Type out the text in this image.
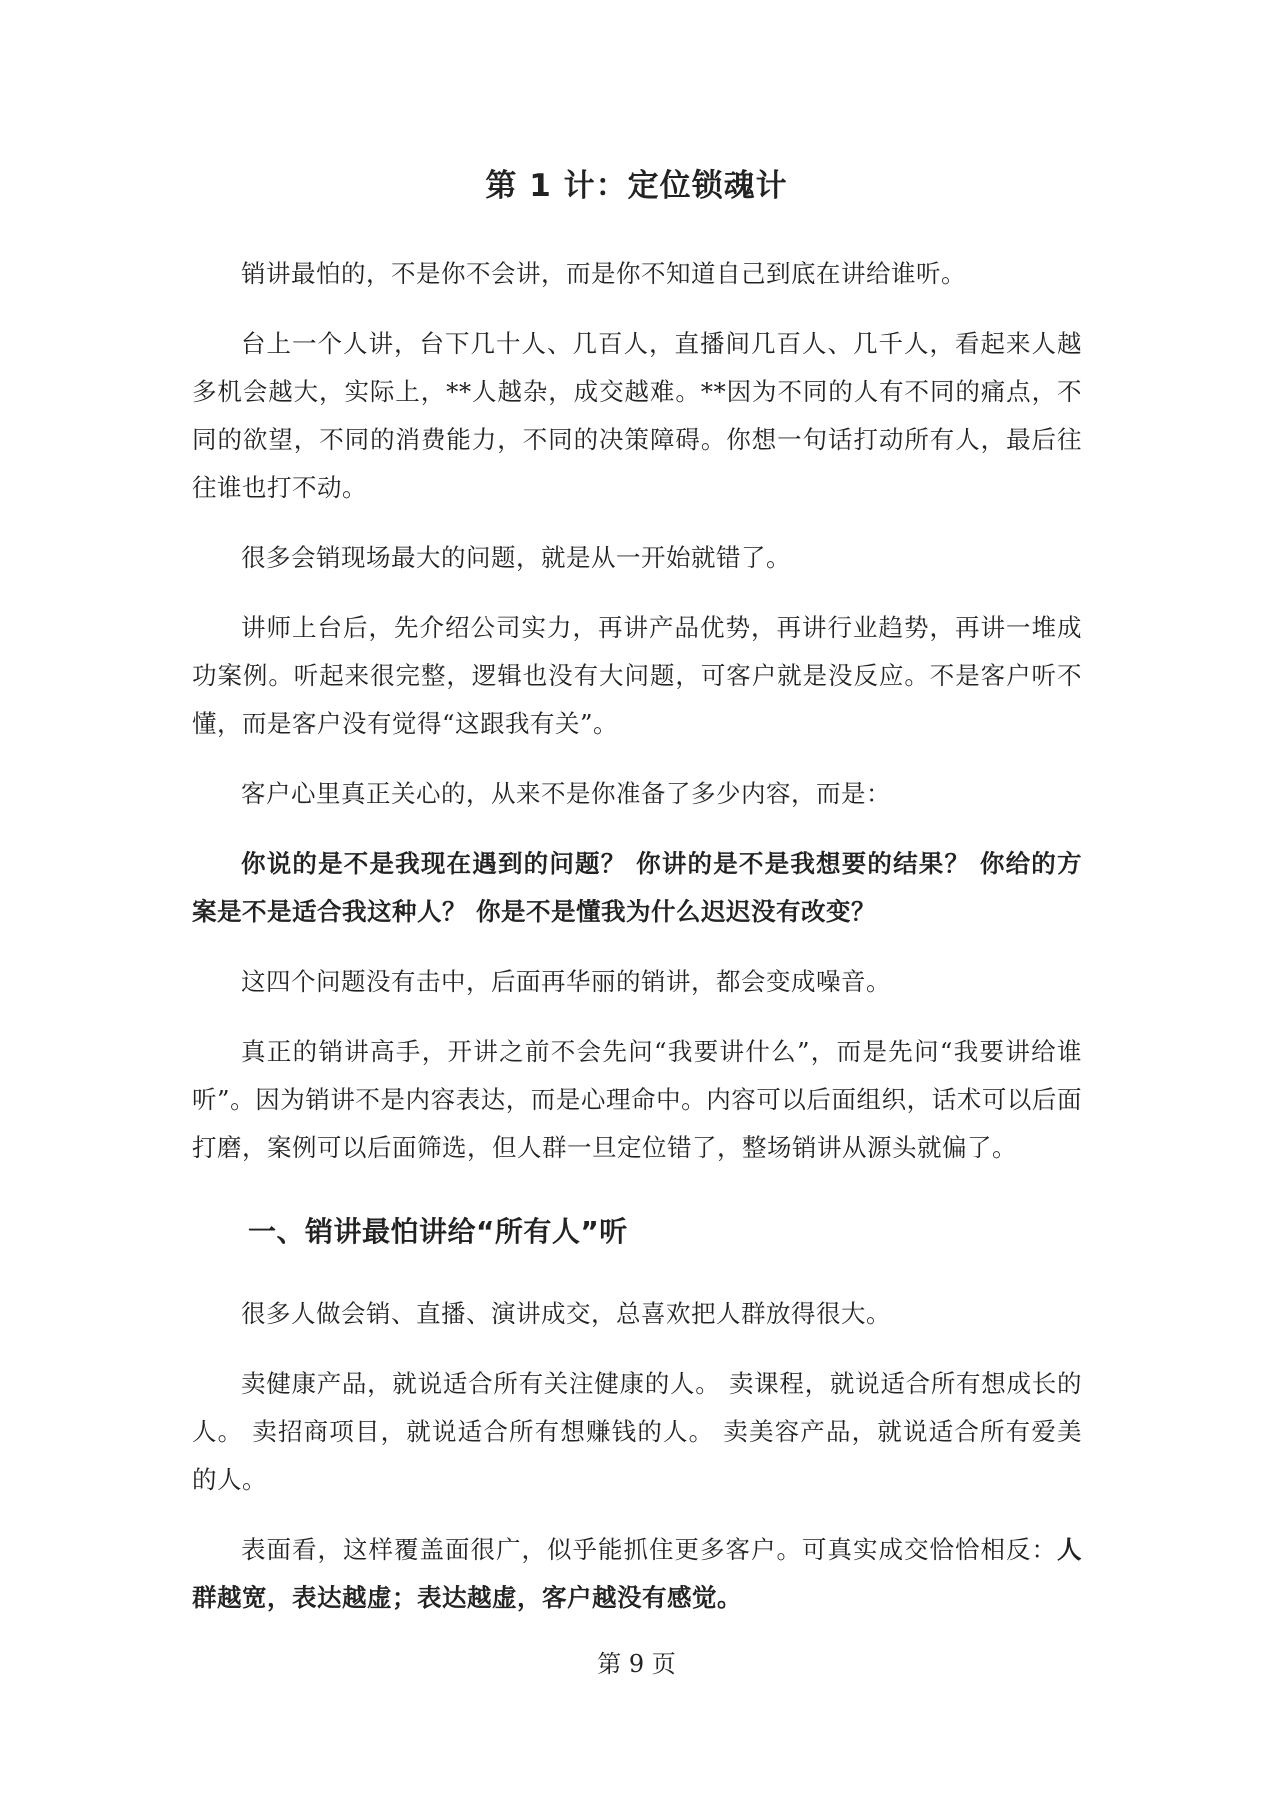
第 1 计：定位锁魂计

销讲最怕的，不是你不会讲，而是你不知道自己到底在讲给谁听。

台上一个人讲，台下几十人、几百人，直播间几百人、几千人，看起来人越多机会越大，实际上，**人越杂，成交越难。**因为不同的人有不同的痛点，不同的欲望，不同的消费能力，不同的决策障碍。你想一句话打动所有人，最后往往谁也打不动。

很多会销现场最大的问题，就是从一开始就错了。

讲师上台后，先介绍公司实力，再讲产品优势，再讲行业趋势，再讲一堆成功案例。听起来很完整，逻辑也没有大问题，可客户就是没反应。不是客户听不懂，而是客户没有觉得“这跟我有关”。

客户心里真正关心的，从来不是你准备了多少内容，而是：

你说的是不是我现在遇到的问题？ 你讲的是不是我想要的结果？ 你给的方案是不是适合我这种人？ 你是不是懂我为什么迟迟没有改变？

这四个问题没有击中，后面再华丽的销讲，都会变成噪音。

真正的销讲高手，开讲之前不会先问“我要讲什么”，而是先问“我要讲给谁听”。因为销讲不是内容表达，而是心理命中。内容可以后面组织，话术可以后面打磨，案例可以后面筛选，但人群一旦定位错了，整场销讲从源头就偏了。

一、销讲最怕讲给“所有人”听

很多人做会销、直播、演讲成交，总喜欢把人群放得很大。

卖健康产品，就说适合所有关注健康的人。 卖课程，就说适合所有想成长的人。 卖招商项目，就说适合所有想赚钱的人。 卖美容产品，就说适合所有爱美的人。

表面看，这样覆盖面很广，似乎能抓住更多客户。可真实成交恰恰相反：人群越宽，表达越虚；表达越虚，客户越没有感觉。

第 9 页
